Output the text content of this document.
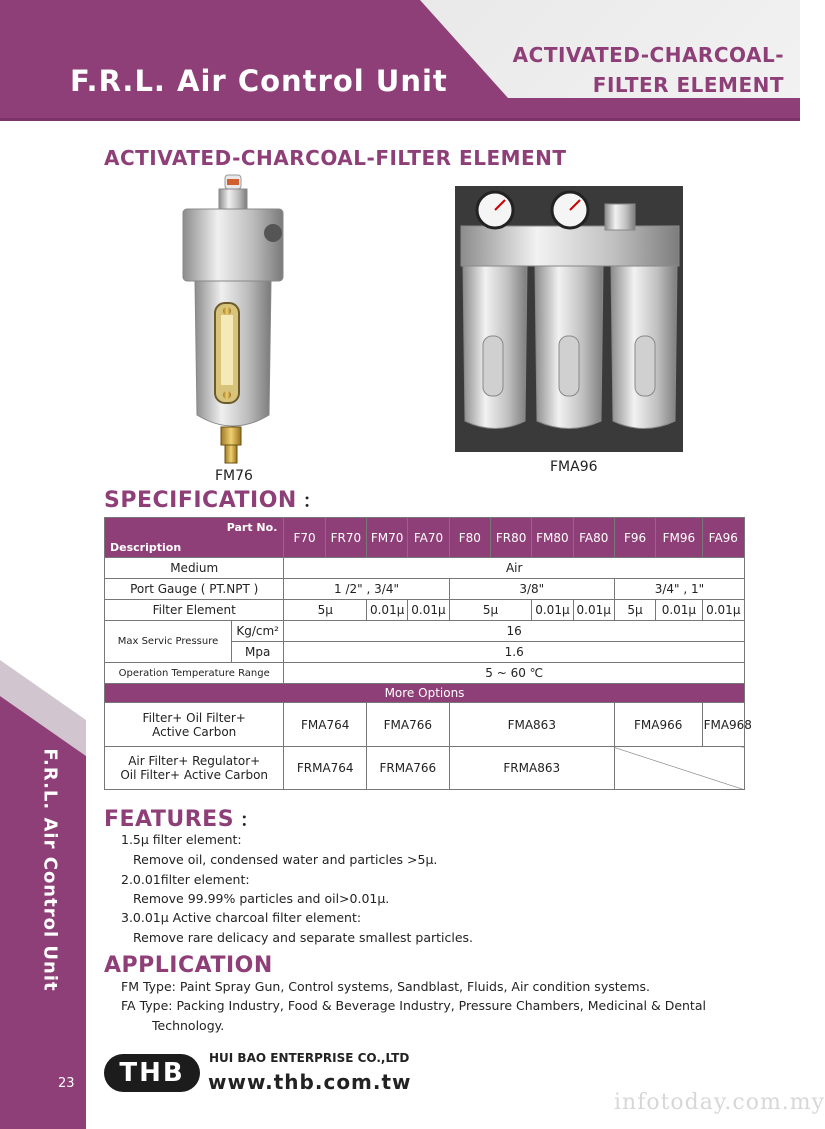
F.R.L. Air Control Unit
ACTIVATED-CHARCOAL-
FILTER ELEMENT
F.R.L. Air Control Unit
23
ACTIVATED-CHARCOAL-FILTER ELEMENT
FM76
FMA96
SPECIFICATION ：
Part No.
Description		F70	FR70	FM70	FA70	F80	FR80	FM80	FA80	F96	FM96	FA96
Medium		Air										
Port Gauge ( PT.NPT )		1 /2" , 3/4"				3/8"				3/4" , 1"		
Filter Element		5μ		0.01μ	0.01μ	5μ		0.01μ	0.01μ	5μ	0.01μ	0.01μ
Max Servic Pressure	Kg/cm²	16										
	Mpa	1.6										
Operation Temperature Range		5 ~ 60 ℃										
More Options												

Filter+ Oil Filter+
Active Carbon		FMA764		FMA766		FMA863				FMA966		FMA968

Air Filter+ Regulator+
Oil Filter+ Active Carbon		FRMA764		FRMA766		FRMA863						
FEATURES ：
1.5μ filter element:
Remove oil, condensed water and particles >5μ.
2.0.01filter element:
Remove 99.99% particles and oil>0.01μ.
3.0.01μ Active charcoal filter element:
Remove rare delicacy and separate smallest particles.
APPLICATION
FM Type: Paint Spray Gun, Control systems, Sandblast, Fluids, Air condition systems.
FA Type: Packing Industry, Food & Beverage Industry, Pressure Chambers, Medicinal & Dental
Technology.
THB	HUI BAO ENTERPRISE CO.,LTD
www.thb.com.tw
infotoday.com.my
